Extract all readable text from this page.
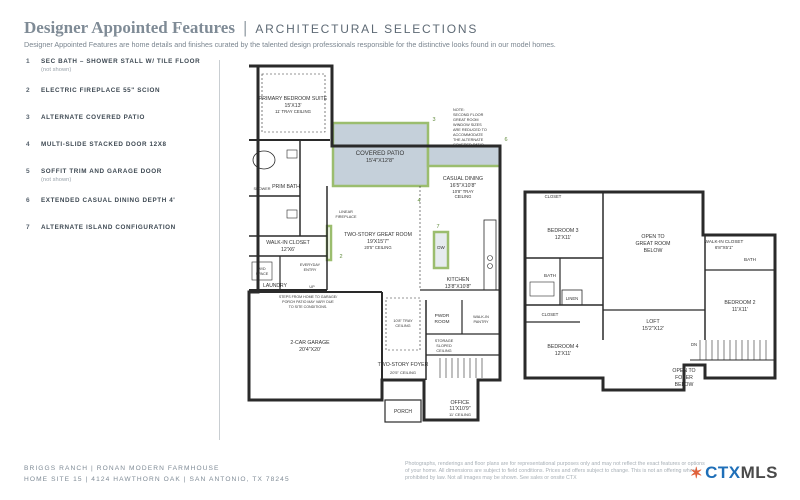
Designer Appointed Features | ARCHITECTURAL SELECTIONS
Designer Appointed Features are home details and finishes curated by the talented design professionals responsible for the distinctive looks found in our model homes.
1 SEC BATH – SHOWER STALL W/ TILE FLOOR
(not shown)
2 ELECTRIC FIREPLACE 55" SCION
3 ALTERNATE COVERED PATIO
4 MULTI-SLIDE STACKED DOOR 12X8
5 SOFFIT TRIM AND GARAGE DOOR
(not shown)
6 EXTENDED CASUAL DINING DEPTH 4'
7 ALTERNATE ISLAND CONFIGURATION
PRIMARY BEDROOM SUITE
15'X13'
11' TRAY CEILING
COVERED PATIO
15'4"X12'8"
NOTE:
SECOND FLOOR
GREAT ROOM
WINDOW SIZES
ARE REDUCED TO
ACCOMMODATE
THE ALTERNATE
COVERED PATIO
CASUAL DINING
16'5"X10'8"
10'8" TRAY
CEILING
SHOWER PRIM BATH
WALK-IN CLOSET
12'X6'
LINEAR
FIREPLACE
TWO-STORY GREAT ROOM
19'X15'7"
20'5" CEILING	DW
KITCHEN
13'8"X10'8"
EVERYDAY
ENTRY
W/D
SPACE
LAUNDRY	UP
STEPS FROM HOME TO GARAGE/
PORCH PATIO MAY VARY DUE
TO SITE CONDITIONS.
2-CAR GARAGE
20'4"X20'
10'8" TRAY
CEILING
PWDR
ROOM
WALK-IN
PANTRY
STORAGE
SLOPED
CEILING
TWO-STORY FOYER
20'5" CEILING
PORCH
OFFICE
11'X10'9"
11' CEILING
2
3
4
6
7
CLOSET
BEDROOM 3
12'X11'	OPEN TO
GREAT ROOM
BELOW
WALK-IN CLOSET
6'8"X5'1"
BATH
BATH
LINEN
CLOSET
BEDROOM 2
11'X11'
LOFT
15'2"X12'
BEDROOM 4
12'X11'
DN
OPEN TO
FOYER
BELOW
BRIGGS RANCH | RONAN MODERN FARMHOUSE
HOME SITE 15 | 4124 HAWTHORN OAK | SAN ANTONIO, TX 78245
Photographs, renderings and floor plans are for representational purposes only and may not reflect the exact features or options of your home. All dimensions are subject to field conditions. Prices and offers subject to change. This is not an offering where prohibited by law. Not all images may be shown. See sales or onsite CTX	✶ CTXMLS
